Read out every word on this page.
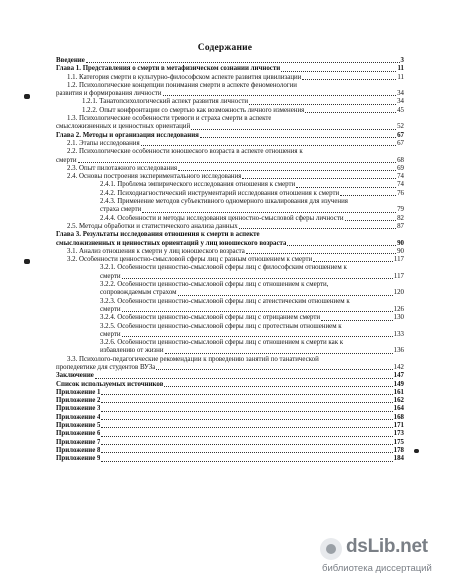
Содержание
Введение	3
Глава 1. Представления о смерти в метафизическом сознании личности	11
1.1. Категория смерти в культурно-философском аспекте развития цивилизации	11
1.2. Психологические концепции понимания смерти в аспекте феноменологии
развития и формирования личности	34
1.2.1. Танатопсихологический аспект развития личности	34
1.2.2. Опыт конфронтации со смертью как возможность личного изменения	45
1.3. Психологические особенности тревоги и страха смерти в аспекте
смысложизненных и ценностных ориентаций	52
Глава 2. Методы и организация исследования	67
2.1. Этапы исследования	67
2.2. Психологические особенности юношеского возраста в аспекте отношения к
смерти	68
2.3. Опыт пилотажного исследования	69
2.4. Основы построения экспериментального исследования	74
2.4.1. Проблема эмпирического исследования отношения к смерти	74
2.4.2. Психодиагностический инструментарий исследования отношения к смерти	76
2.4.3. Применение методов субъективного одномерного шкалирования для изучения
страха смерти	79
2.4.4. Особенности и методы исследования ценностно-смысловой сферы личности	82
2.5. Методы обработки и статистического анализа данных	87
Глава 3. Результаты исследования отношения к смерти в аспекте
смысложизненных и ценностных ориентаций у лиц юношеского возраста	90
3.1. Анализ отношения к смерти у лиц юношеского возраста	90
3.2. Особенности ценностно-смысловой сферы лиц с разным отношением к смерти	117
3.2.1. Особенности ценностно-смысловой сферы лиц с философским отношением к
смерти	117
3.2.2. Особенности ценностно-смысловой сферы лиц с отношением к смерти,
сопровождаемым страхом	120
3.2.3. Особенности ценностно-смысловой сферы лиц с атеистическим отношением к
смерти	126
3.2.4. Особенности ценностно-смысловой сферы лиц с отрицанием смерти	130
3.2.5. Особенности ценностно-смысловой сферы лиц с протестным отношением к
смерти	133
3.2.6. Особенности ценностно-смысловой сферы лиц с отношением к смерти как к
избавлению от жизни	136
3.3. Психолого-педагогические рекомендации к проведению занятий по танатической
пропедевтике для студентов ВУЗа	142
Заключение	147
Список используемых источников	149
Приложение 1	161
Приложение 2	162
Приложение 3	164
Приложение 4	168
Приложение 5	171
Приложение 6	173
Приложение 7	175
Приложение 8	178
Приложение 9	184
dsLib.net
библиотека диссертаций
